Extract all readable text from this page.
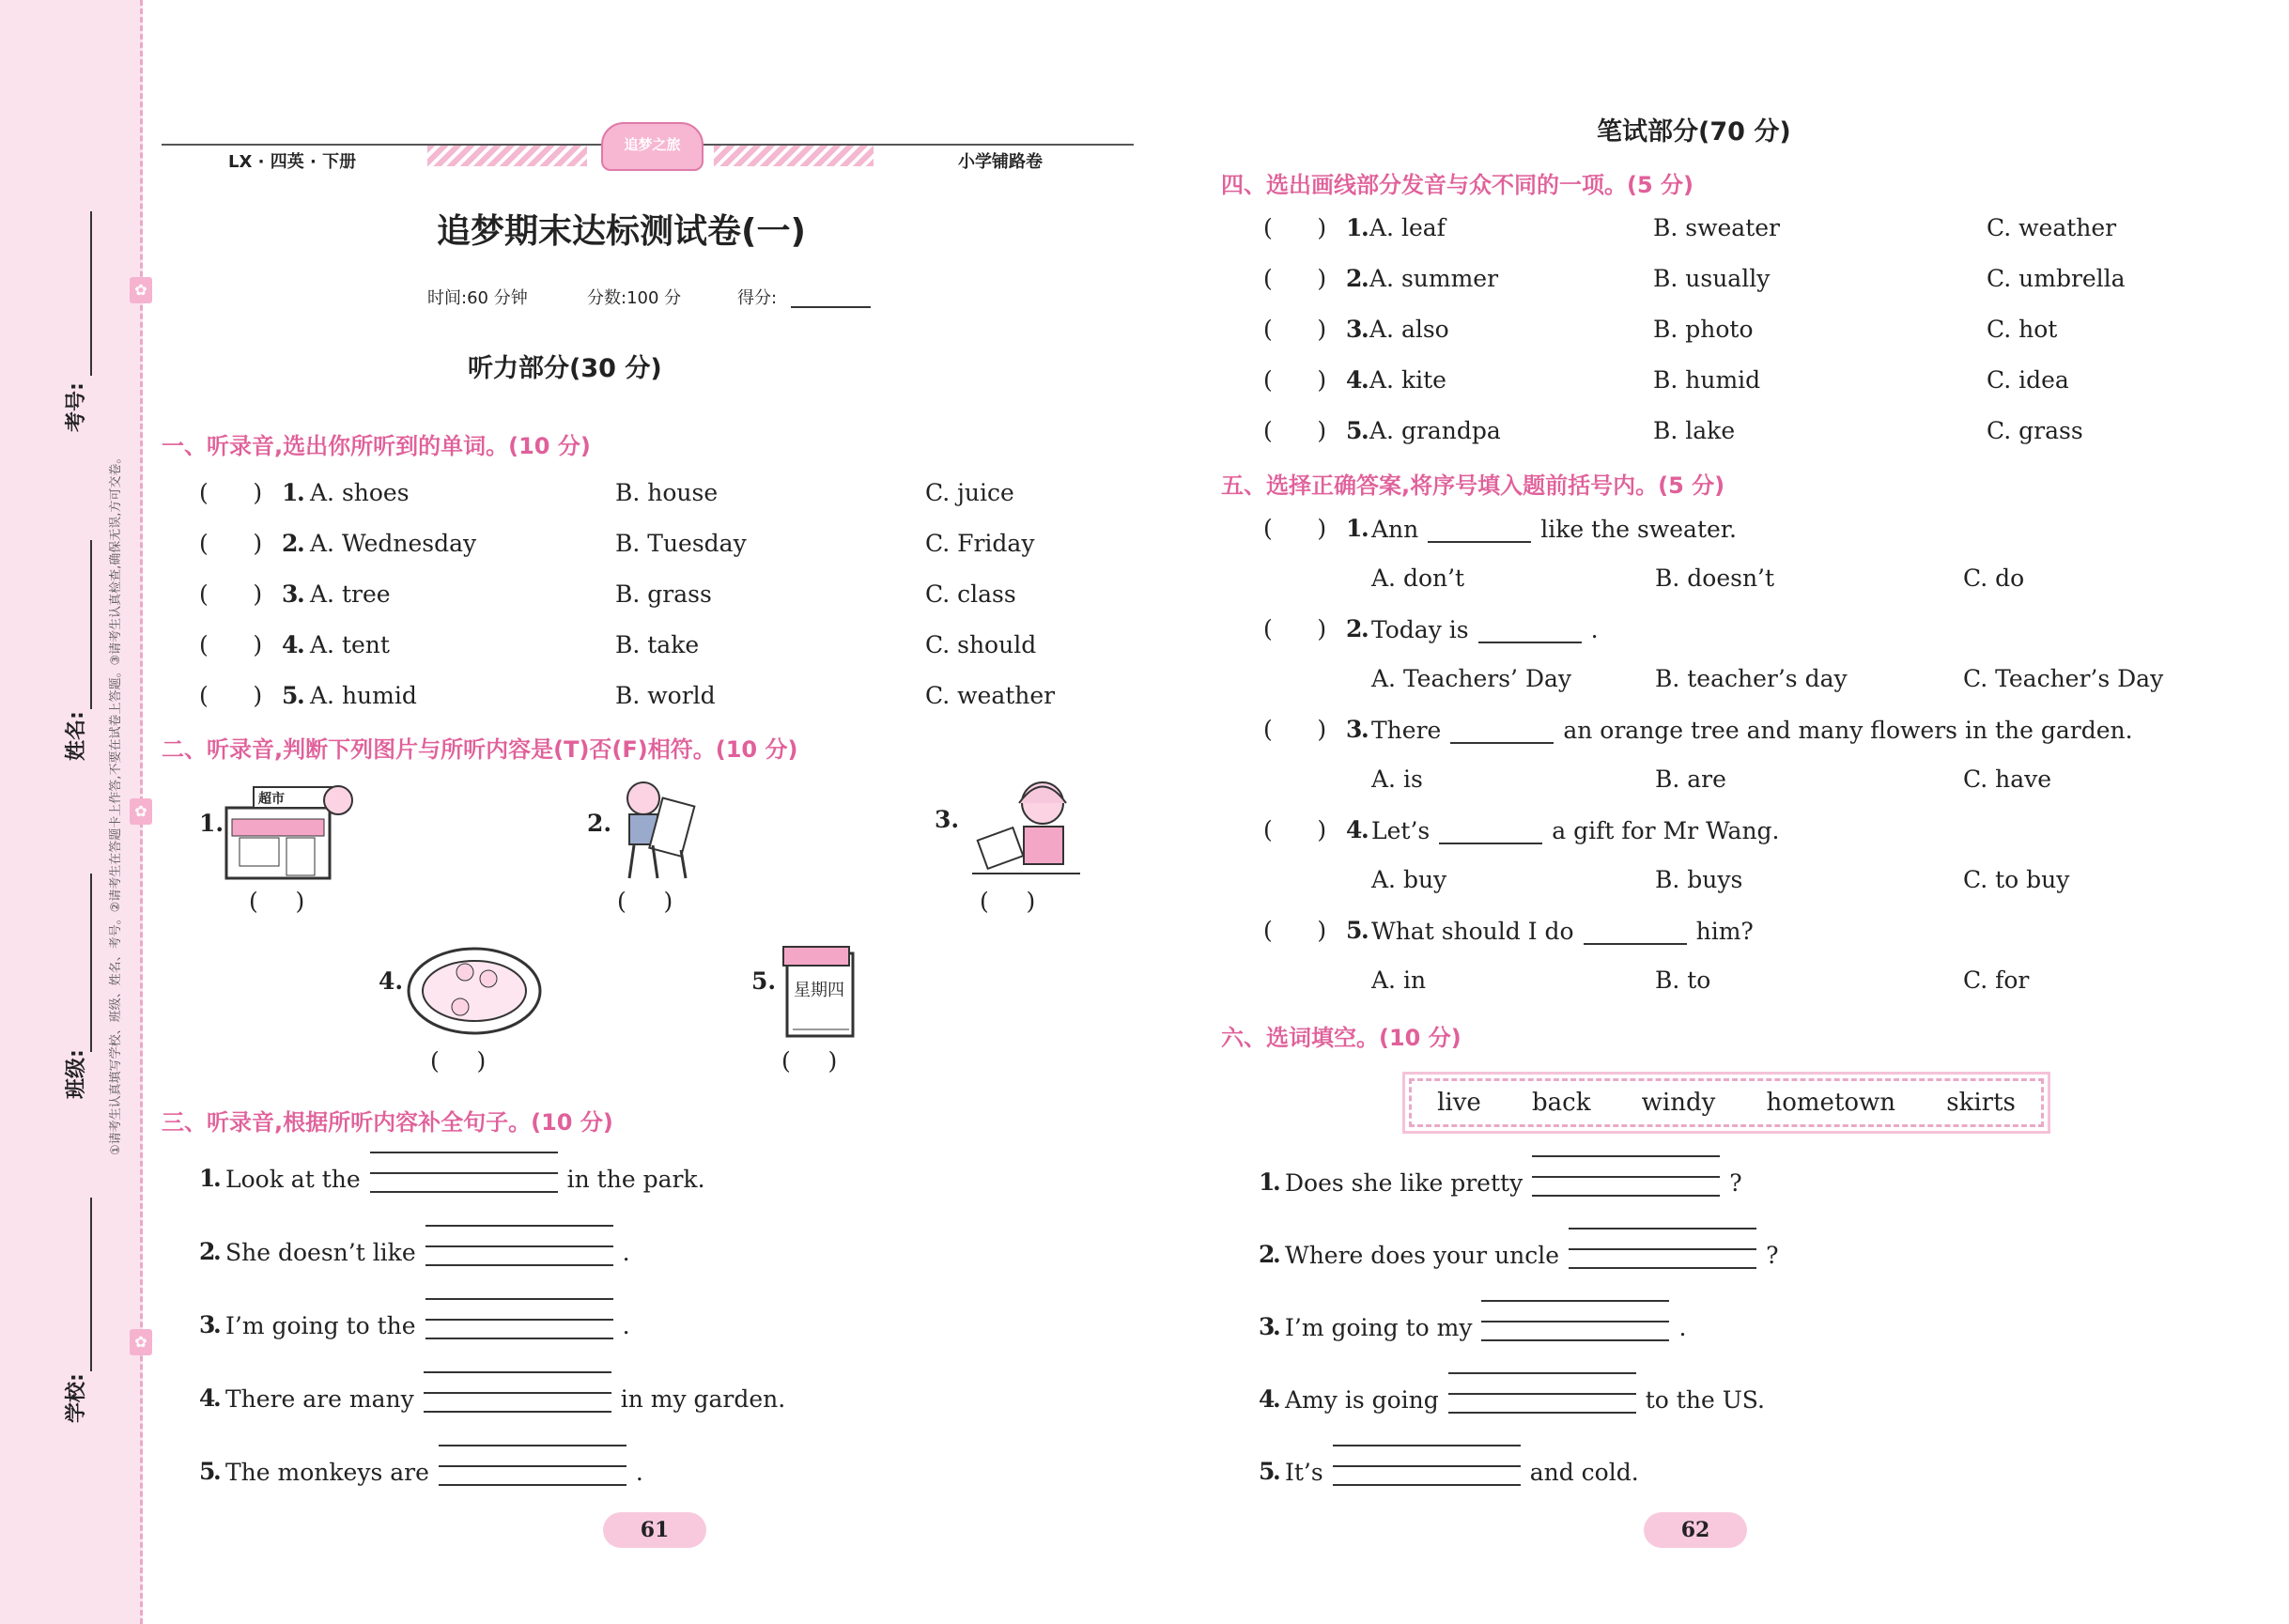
考号:
姓名:
班级:
学校:
①请考生认真填写学校、班级、姓名、考号。②请考生在答题卡上作答,不要在试卷上答题。③请考生认真检查,确保无误,方可交卷。
✿
✿
✿
LX · 四英 · 下册	小学铺路卷
追梦之旅
追梦期末达标测试卷(一)
时间:60 分钟	分数:100 分	得分:
听力部分(30 分)
一、听录音,选出你所听到的单词。(10 分)
(      ) 1
. A. shoes	B. house	C. juice
(      ) 2
. A. Wednesday	B. Tuesday	C. Friday
(      ) 3
. A. tree	B. grass	C. class
(      ) 4
. A. tent	B. take	C. should
(      ) 5
. A. humid	B. world	C. weather
二、听录音,判断下列图片与所听内容是(T)否(F)相符。(10 分)
1.
超市
(     )
2.
(     )
3.
(     )
4.
(     )
5. 星期四
(     )
三、听录音,根据所听内容补全句子。(10 分)
1
. Look at the	in the park.
2
. She doesn’t like	.
3
. I’m going to the	.
4
. There are many	in my garden.
5
. The monkeys are	.
61
笔试部分(70 分)
四、选出画线部分发音与众不同的一项。(5 分)
(      ) 1
. A. leaf	B. sweater	C. weather
(      ) 2
. A. summer	B. usually	C. umbrella
(      ) 3
. A. also	B. photo	C. hot
(      ) 4
. A. kite	B. humid	C. idea
(      ) 5
. A. grandpa	B. lake	C. grass
五、选择正确答案,将序号填入题前括号内。(5 分)
(      ) 1
. Ann	like the sweater.
A. don’t	B. doesn’t	C. do
(      ) 2
. Today is	.
A. Teachers’ Day	B. teacher’s day	C. Teacher’s Day
(      ) 3
. There	an orange tree and many flowers in the garden.
A. is	B. are	C. have
(      ) 4
. Let’s	a gift for Mr Wang.
A. buy	B. buys	C. to buy
(      ) 5
. What should I do	him?
A. in	B. to	C. for
六、选词填空。(10 分)
live back windy hometown skirts
1
. Does she like pretty	?
2
. Where does your uncle	?
3
. I’m going to my	.
4
. Amy is going	to the US.
5
. It’s	and cold.
62
